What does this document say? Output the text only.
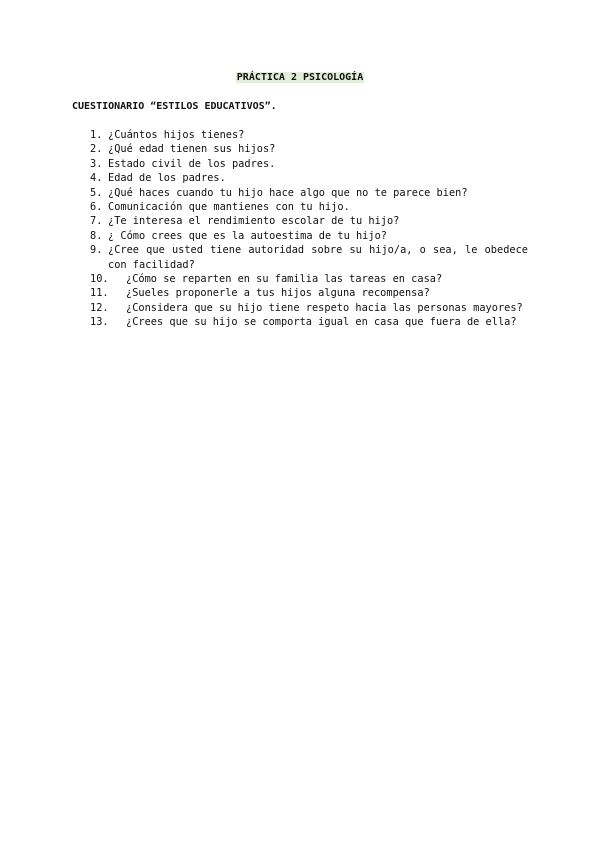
PRÁCTICA 2 PSICOLOGÍA
CUESTIONARIO “ESTILOS EDUCATIVOS”.
1. ¿Cuántos hijos tienes?
2. ¿Qué edad tienen sus hijos?
3. Estado civil de los padres.
4. Edad de los padres.
5. ¿Qué haces cuando tu hijo hace algo que no te parece bien?
6. Comunicación que mantienes con tu hijo.
7. ¿Te interesa el rendimiento escolar de tu hijo?
8. ¿ Cómo crees que es la autoestima de tu hijo?
9. ¿Cree que usted tiene autoridad sobre su hijo/a, o sea, le obedece con facilidad?
10.	¿Cómo se reparten en su familia las tareas en casa?
11.	¿Sueles proponerle a tus hijos alguna recompensa?
12.	¿Considera que su hijo tiene respeto hacia las personas mayores?
13.	¿Crees que su hijo se comporta igual en casa que fuera de ella?
